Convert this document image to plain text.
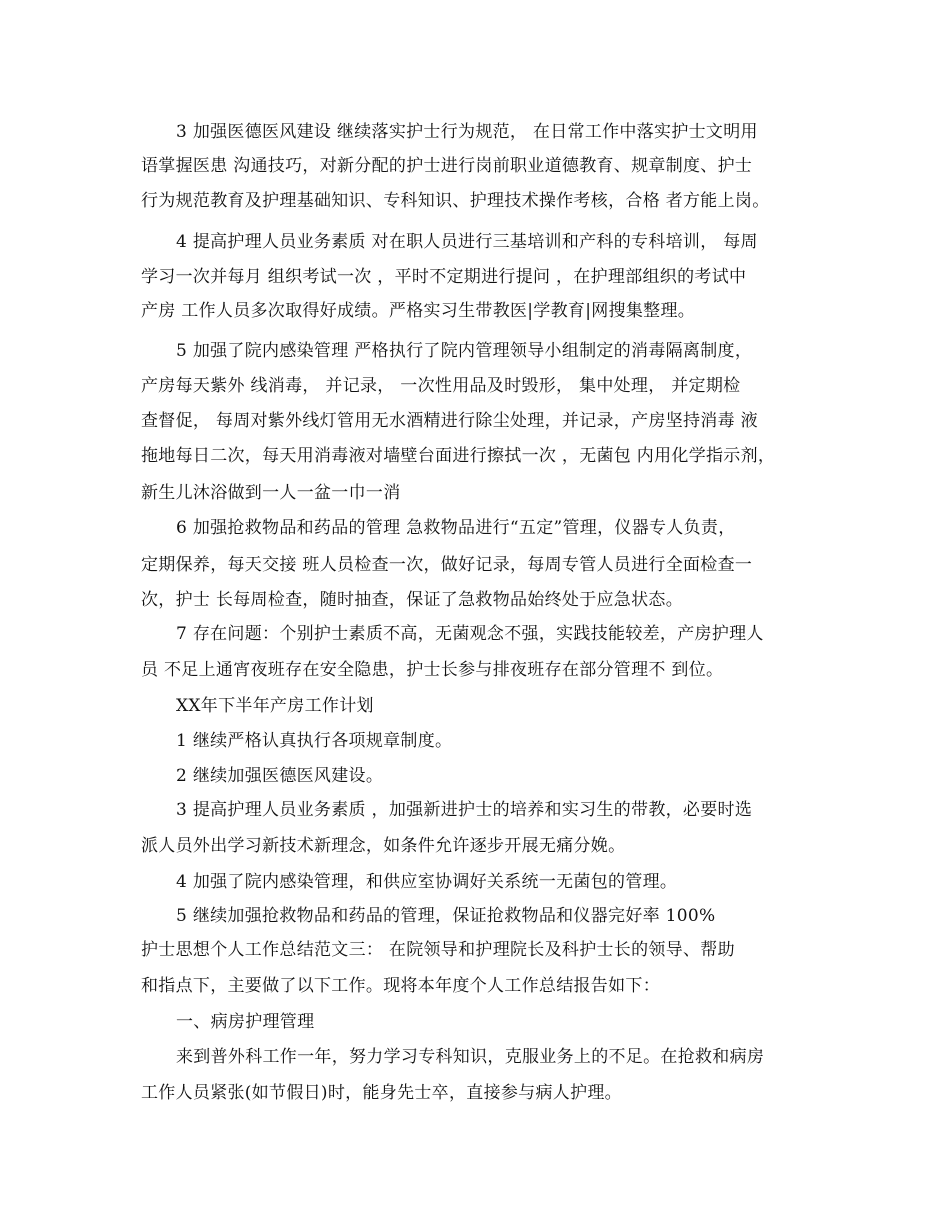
3 加强医德医风建设 继续落实护士行为规范， 在日常工作中落实护士文明用
语掌握医患 沟通技巧，对新分配的护士进行岗前职业道德教育、规章制度、护士
行为规范教育及护理基础知识、专科知识、护理技术操作考核，合格 者方能上岗。
4 提高护理人员业务素质 对在职人员进行三基培训和产科的专科培训， 每周
学习一次并每月 组织考试一次 ，平时不定期进行提问 ，在护理部组织的考试中
产房 工作人员多次取得好成绩。严格实习生带教医|学教育|网搜集整理。
5 加强了院内感染管理 严格执行了院内管理领导小组制定的消毒隔离制度，
产房每天紫外 线消毒， 并记录， 一次性用品及时毁形， 集中处理， 并定期检
查督促， 每周对紫外线灯管用无水酒精进行除尘处理，并记录，产房坚持消毒 液
拖地每日二次，每天用消毒液对墙壁台面进行擦拭一次 ，无菌包 内用化学指示剂，
新生儿沐浴做到一人一盆一巾一消
6 加强抢救物品和药品的管理 急救物品进行“五定”管理，仪器专人负责，
定期保养，每天交接 班人员检查一次，做好记录，每周专管人员进行全面检查一
次，护士 长每周检查，随时抽查，保证了急救物品始终处于应急状态。
7 存在问题：个别护士素质不高，无菌观念不强，实践技能较差，产房护理人
员 不足上通宵夜班存在安全隐患，护士长参与排夜班存在部分管理不 到位。
XX年下半年产房工作计划
1 继续严格认真执行各项规章制度。
2 继续加强医德医风建设。
3 提高护理人员业务素质 ，加强新进护士的培养和实习生的带教，必要时选
派人员外出学习新技术新理念，如条件允许逐步开展无痛分娩。
4 加强了院内感染管理，和供应室协调好关系统一无菌包的管理。
5 继续加强抢救物品和药品的管理，保证抢救物品和仪器完好率 100%
护士思想个人工作总结范文三： 在院领导和护理院长及科护士长的领导、帮助
和指点下，主要做了以下工作。现将本年度个人工作总结报告如下：
一、病房护理管理
来到普外科工作一年，努力学习专科知识，克服业务上的不足。在抢救和病房
工作人员紧张(如节假日)时，能身先士卒，直接参与病人护理。
